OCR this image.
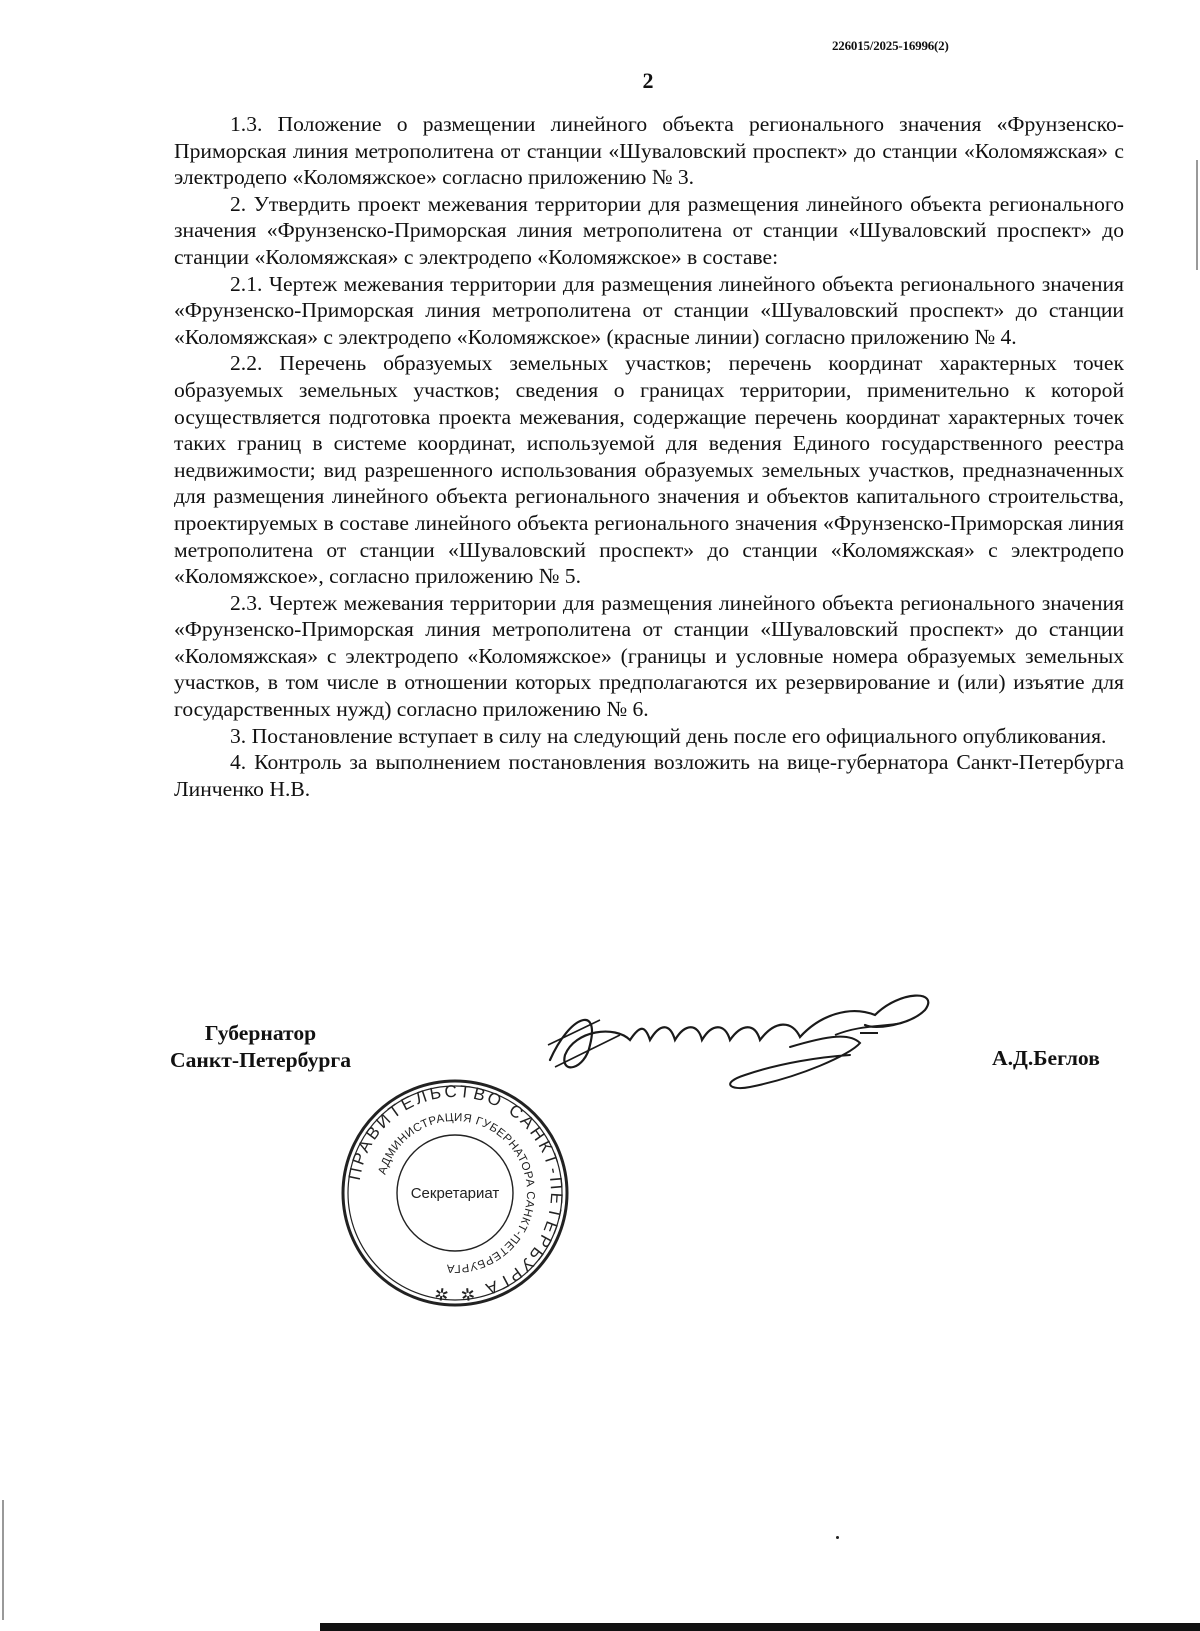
226015/2025-16996(2)
2

1.3. Положение о размещении линейного объекта регионального значения «Фрунзенско-Приморская линия метрополитена от станции «Шуваловский проспект» до станции «Коломяжская» с электродепо «Коломяжское» согласно приложению № 3.

2. Утвердить проект межевания территории для размещения линейного объекта регионального значения «Фрунзенско-Приморская линия метрополитена от станции «Шуваловский проспект» до станции «Коломяжская» с электродепо «Коломяжское» в составе:

2.1. Чертеж межевания территории для размещения линейного объекта регионального значения «Фрунзенско-Приморская линия метрополитена от станции «Шуваловский проспект» до станции «Коломяжская» с электродепо «Коломяжское» (красные линии) согласно приложению № 4.

2.2. Перечень образуемых земельных участков; перечень координат характерных точек образуемых земельных участков; сведения о границах территории, применительно к которой осуществляется подготовка проекта межевания, содержащие перечень координат характерных точек таких границ в системе координат, используемой для ведения Единого государственного реестра недвижимости; вид разрешенного использования образуемых земельных участков, предназначенных для размещения линейного объекта регионального значения и объектов капитального строительства, проектируемых в составе линейного объекта регионального значения «Фрунзенско-Приморская линия метрополитена от станции «Шуваловский проспект» до станции «Коломяжская» с электродепо «Коломяжское», согласно приложению № 5.

2.3. Чертеж межевания территории для размещения линейного объекта регионального значения «Фрунзенско-Приморская линия метрополитена от станции «Шуваловский проспект» до станции «Коломяжская» с электродепо «Коломяжское» (границы и условные номера образуемых земельных участков, в том числе в отношении которых предполагаются их резервирование и (или) изъятие для государственных нужд) согласно приложению № 6.

3. Постановление вступает в силу на следующий день после его официального опубликования.

4. Контроль за выполнением постановления возложить на вице-губернатора Санкт-Петербурга Линченко Н.В.

Губернатор
Санкт-Петербурга
ПРАВИТЕЛЬСТВО САНКТ-ПЕТЕРБУРГА ✲ ✲
АДМИНИСТРАЦИЯ ГУБЕРНАТОРА САНКТ-ПЕТЕРБУРГА
Секретариат
А.Д.Беглов
